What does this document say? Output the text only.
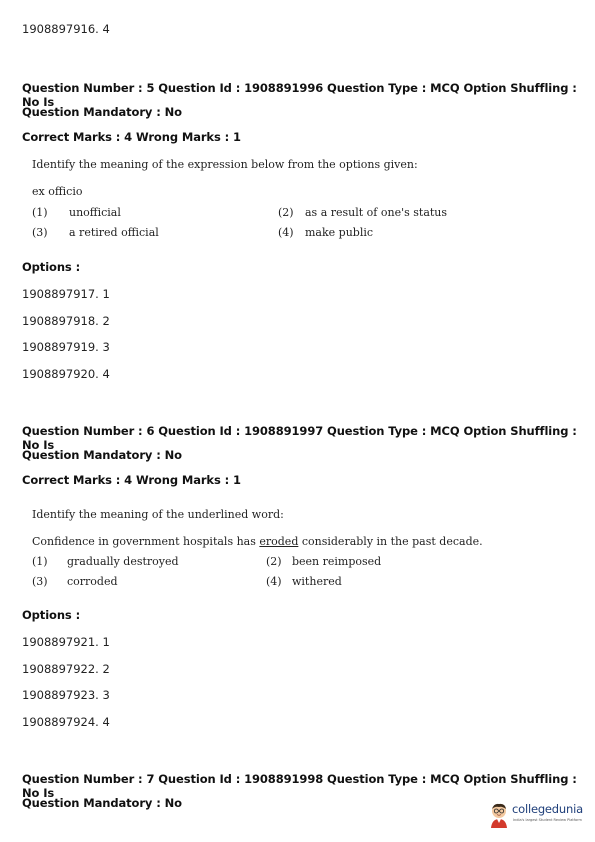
1908897916. 4
Question Number : 5 Question Id : 1908891996 Question Type : MCQ Option Shuffling : No Is
Question Mandatory : No
Correct Marks : 4 Wrong Marks : 1
Identify the meaning of the expression below from the options given:
ex officio
(1) unofficial	(2) as a result of one's status
(3) a retired official	(4) make public
Options :
1908897917. 1
1908897918. 2
1908897919. 3
1908897920. 4
Question Number : 6 Question Id : 1908891997 Question Type : MCQ Option Shuffling : No Is
Question Mandatory : No
Correct Marks : 4 Wrong Marks : 1
Identify the meaning of the underlined word:
Confidence in government hospitals has eroded considerably in the past decade.
(1) gradually destroyed	(2) been reimposed
(3) corroded	(4) withered
Options :
1908897921. 1
1908897922. 2
1908897923. 3
1908897924. 4
Question Number : 7 Question Id : 1908891998 Question Type : MCQ Option Shuffling : No Is
Question Mandatory : No	collegedunia
India's largest Student Review Platform
